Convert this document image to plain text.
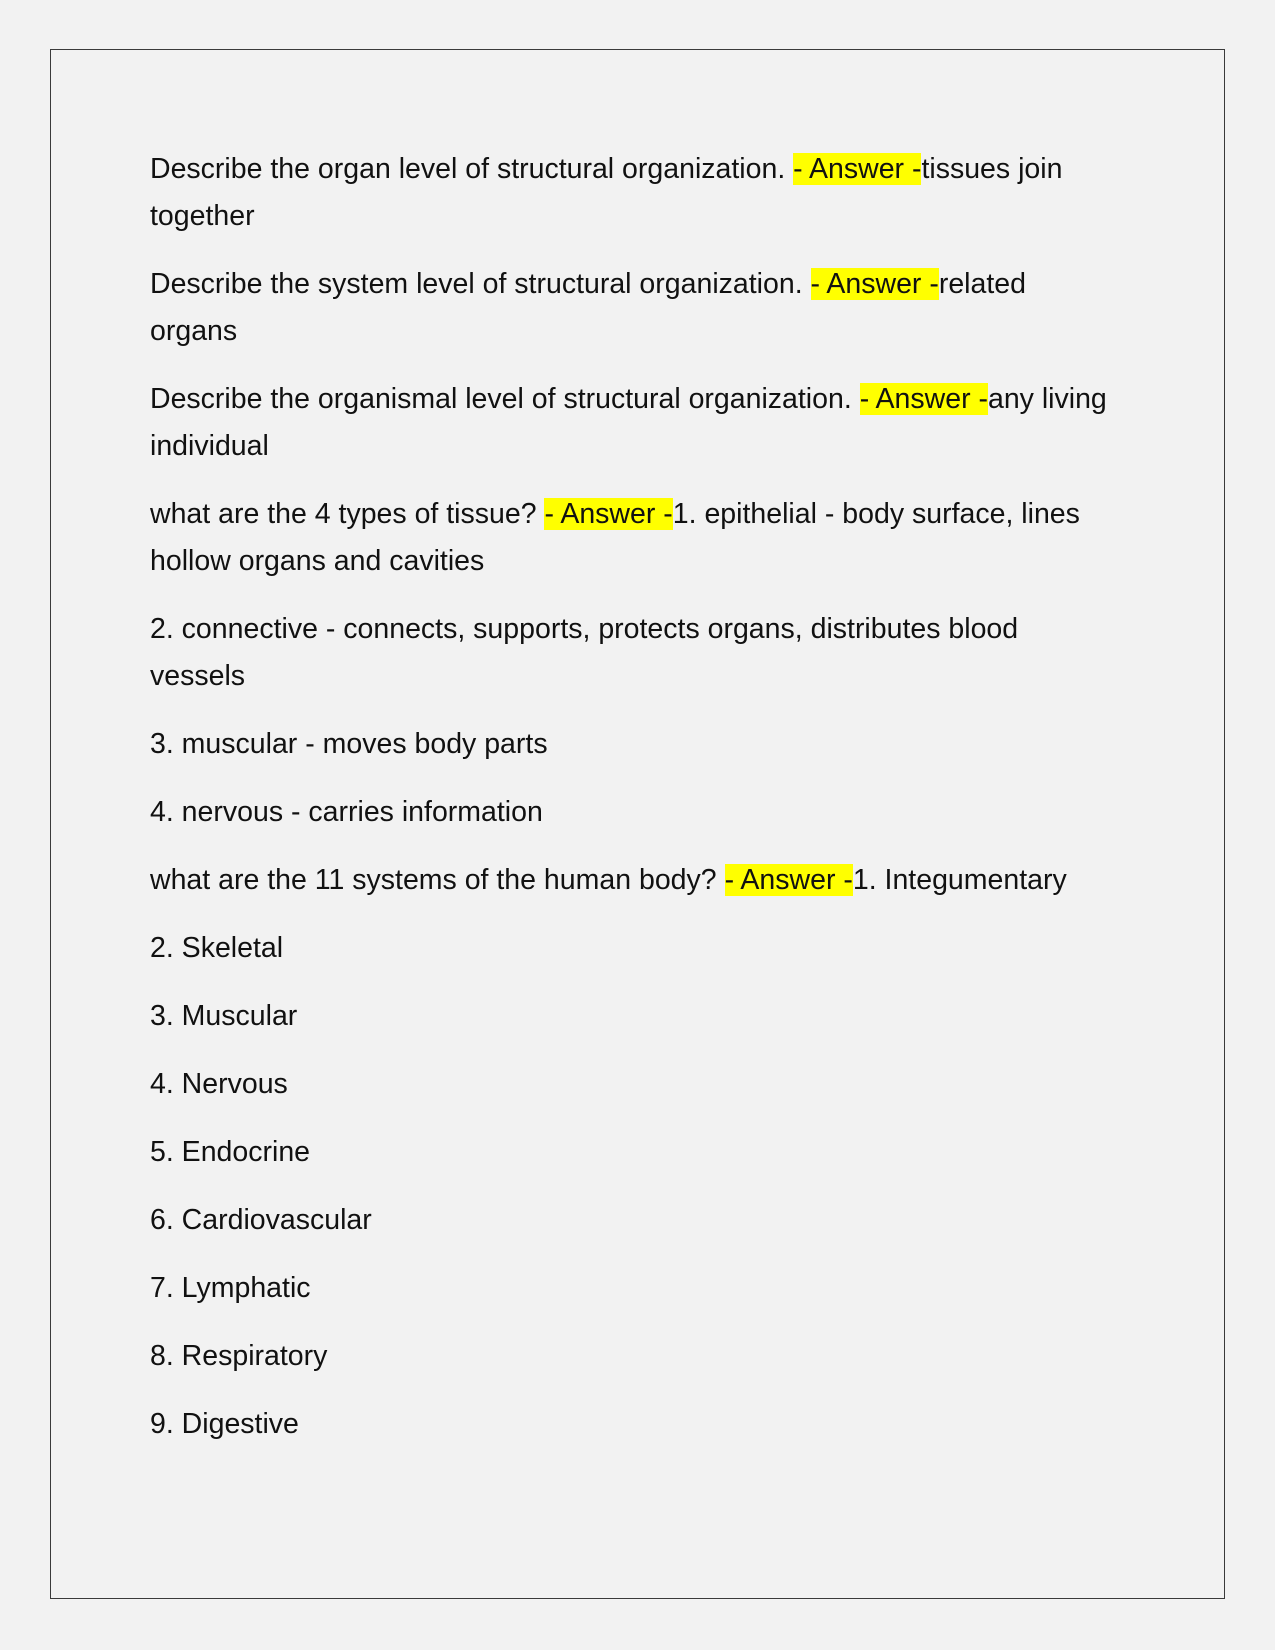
Describe the organ level of structural organization. - Answer -tissues join together

Describe the system level of structural organization. - Answer -related organs

Describe the organismal level of structural organization. - Answer -any living individual

what are the 4 types of tissue? - Answer -1. epithelial - body surface, lines hollow organs and cavities

2. connective - connects, supports, protects organs, distributes blood vessels

3. muscular - moves body parts

4. nervous - carries information

what are the 11 systems of the human body? - Answer -1. Integumentary

2. Skeletal

3. Muscular

4. Nervous

5. Endocrine

6. Cardiovascular

7. Lymphatic

8. Respiratory

9. Digestive
